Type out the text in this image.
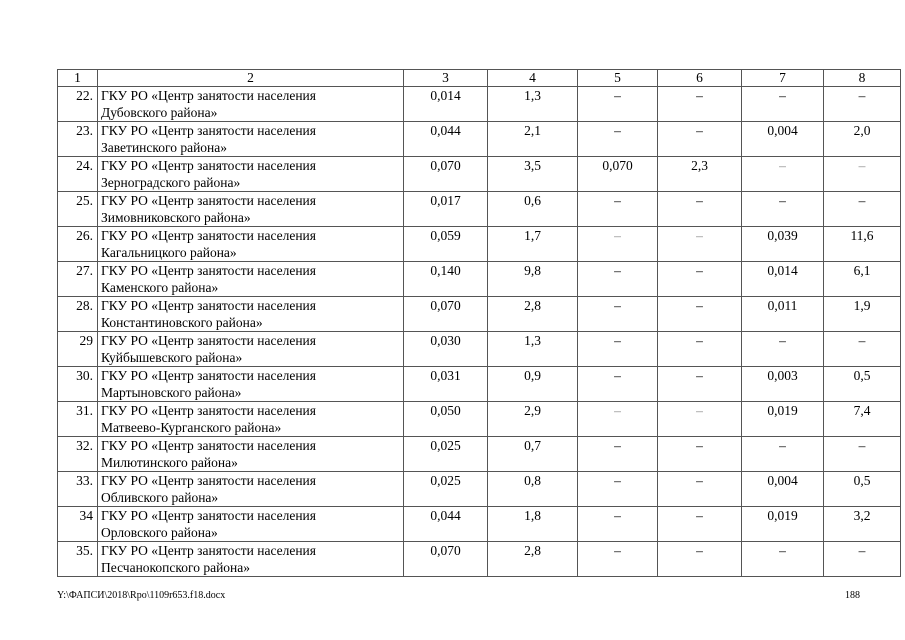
1	2	3	4	5	6	7	8
22.	ГКУ РО «Центр занятости населения
Дубовского района»	0,014	1,3	–	–	–	–
23.	ГКУ РО «Центр занятости населения
Заветинского района»	0,044	2,1	–	–	0,004	2,0
24.	ГКУ РО «Центр занятости населения
Зерноградского района»	0,070	3,5	0,070	2,3	–	–
25.	ГКУ РО «Центр занятости населения
Зимовниковского района»	0,017	0,6	–	–	–	–
26.	ГКУ РО «Центр занятости населения
Кагальницкого района»	0,059	1,7	–	–	0,039	11,6
27.	ГКУ РО «Центр занятости населения
Каменского района»	0,140	9,8	–	–	0,014	6,1
28.	ГКУ РО «Центр занятости населения
Константиновского района»	0,070	2,8	–	–	0,011	1,9
29	ГКУ РО «Центр занятости населения
Куйбышевского района»	0,030	1,3	–	–	–	–
30.	ГКУ РО «Центр занятости населения
Мартыновского района»	0,031	0,9	–	–	0,003	0,5
31.	ГКУ РО «Центр занятости населения
Матвеево-Курганского района»	0,050	2,9	–	–	0,019	7,4
32.	ГКУ РО «Центр занятости населения
Милютинского района»	0,025	0,7	–	–	–	–
33.	ГКУ РО «Центр занятости населения
Обливского района»	0,025	0,8	–	–	0,004	0,5
34	ГКУ РО «Центр занятости населения
Орловского района»	0,044	1,8	–	–	0,019	3,2
35.	ГКУ РО «Центр занятости населения
Песчанокопского района»	0,070	2,8	–	–	–	–
Y:\ФАПСИ\2018\Rpo\1109r653.f18.docx	188
